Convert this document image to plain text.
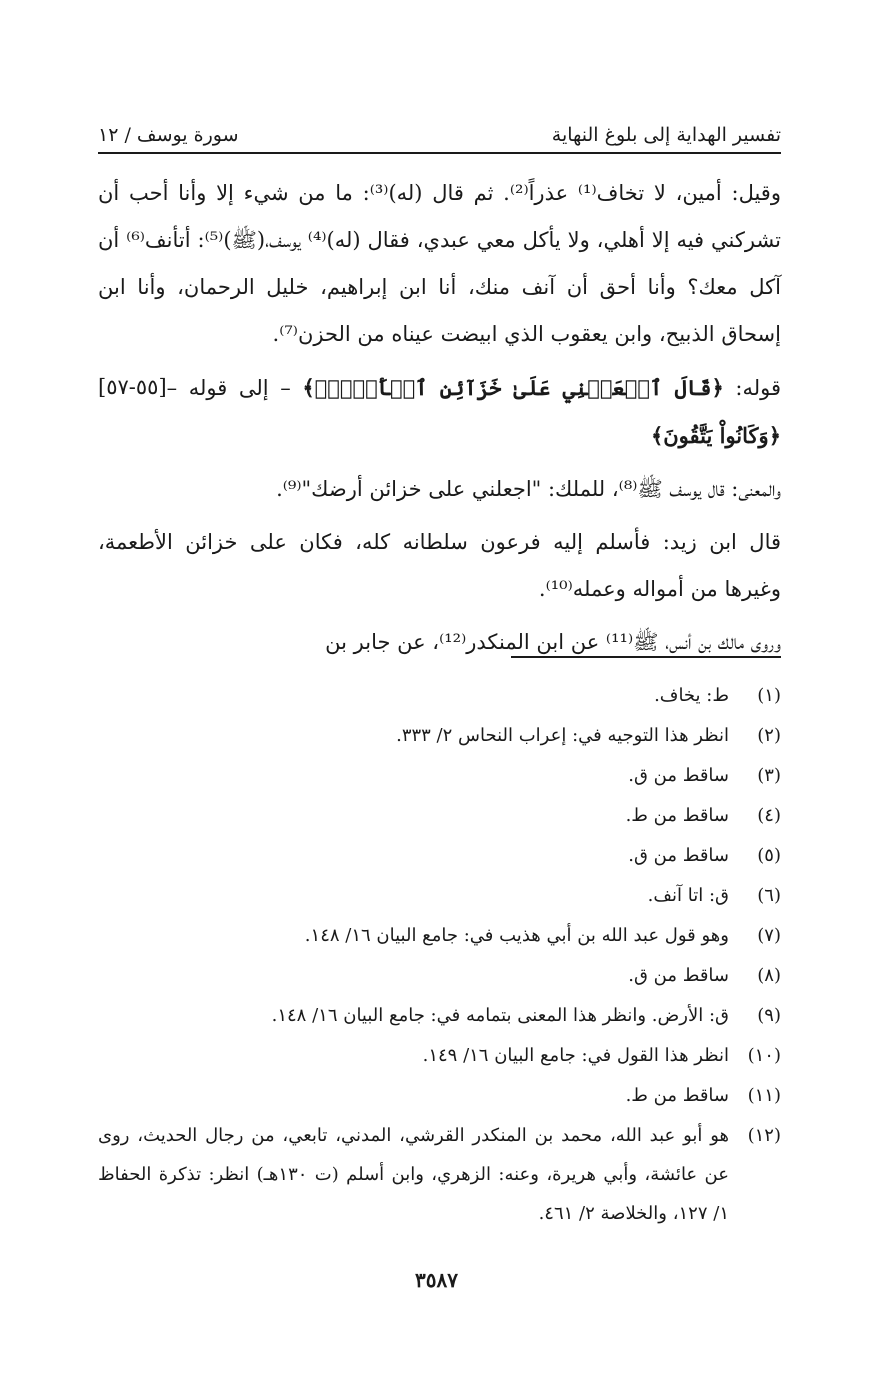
تفسير الهداية إلى بلوغ النهاية
سورة يوسف / ١٢

وقيل: أمين، لا تخاف⁽¹⁾ عذراً⁽²⁾. ثم قال (له)⁽³⁾: ما من شيء إلا وأنا أحب أن تشركني فيه إلا أهلي، ولا يأكل معي عبدي، فقال (له)⁽⁴⁾ يوسف،(ﷺ)⁽⁵⁾: أتأنف⁽⁶⁾ أن آكل معك؟ وأنا أحق أن آنف منك، أنا ابن إبراهيم، خليل الرحمان، وأنا ابن إسحاق الذبيح، وابن يعقوب الذي ابيضت عيناه من الحزن⁽⁷⁾.

قوله: ﴿قَالَ ٱجۡعَلۡنِي عَلَىٰ خَزَآئِنِ ٱلۡأَرۡضِۖ﴾ – إلى قوله – ﴿وَكَانُواْ يَتَّقُونَ﴾
[٥٥-٥٧]

والمعنى: قال يوسف ﷺ⁽⁸⁾، للملك: "اجعلني على خزائن أرضك"⁽⁹⁾.

قال ابن زيد: فأسلم إليه فرعون سلطانه كله، فكان على خزائن الأطعمة، وغيرها من أمواله وعمله⁽¹⁰⁾.

وروى مالك بن أنس، ﷺ⁽¹¹⁾ عن ابن المنكدر⁽¹²⁾، عن جابر بن

(١)
ط: يخاف.
(٢)
انظر هذا التوجيه في: إعراب النحاس ٢/ ٣٣٣.
(٣)
ساقط من ق.
(٤)
ساقط من ط.
(٥)
ساقط من ق.
(٦)
ق: اتا آنف.
(٧)
وهو قول عبد الله بن أبي هذيب في: جامع البيان ١٦/ ١٤٨.
(٨)
ساقط من ق.
(٩)
ق: الأرض. وانظر هذا المعنى بتمامه في: جامع البيان ١٦/ ١٤٨.
(١٠)
انظر هذا القول في: جامع البيان ١٦/ ١٤٩.
(١١)
ساقط من ط.
(١٢)
هو أبو عبد الله، محمد بن المنكدر القرشي، المدني، تابعي، من رجال الحديث، روى عن عائشة، وأبي هريرة، وعنه: الزهري، وابن أسلم (ت ١٣٠هـ) انظر: تذكرة الحفاظ ١/ ١٢٧، والخلاصة ٢/ ٤٦١.
٣٥٨٧
